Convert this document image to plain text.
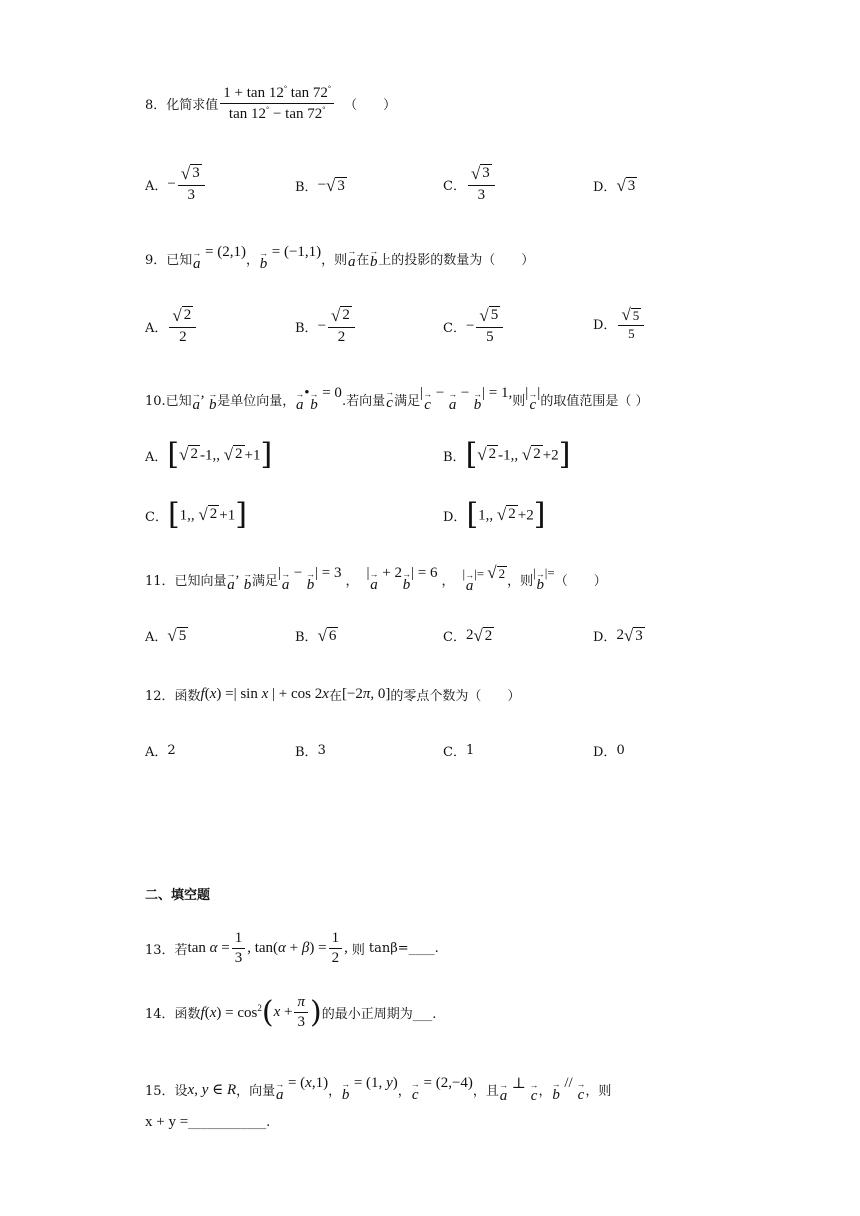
8．化简求值 $\frac{1 + \tan 12^\circ \tan 72^\circ}{\tan 12^\circ - \tan 72^\circ}$ （　　）
A． − $\frac{√ 3}{3}$	B． − √ 3	C． $\frac{√ 3}{3}$	D． √ 3
9．已知 →
a = (2,1) ， →
b = (−1,1) ，则
→
a 在
→
b 上的投影的数量为（　　）
A． $\frac{√ 2}{2}$	B． − $\frac{√ 2}{2}$	C． − $\frac{√ 5}{5}$	D． $\frac{√ 5}{5}$
10.已知 →
a, →
b 是单位向量， →
a• →
b = 0 .若向量
→
c 满足 | →
c − →
a − →
b| = 1, 则 | →
c| 的取值范围是（ ）
A． [ √ 2 -1,, √ 2 +1 ]	B． [ √ 2 -1,, √ 2 +2 ]
C． [ 1,, √ 2 +1 ]	D． [ 1,, √ 2 +2 ]
11．已知向量 →
a, →
b 满足 | →
a − →
b| = 3 ， | →
a + 2 →
b| = 6 ， | →
a|= √ 2
，则
| →
b|=
（　　）
A． √ 5	B． √ 6	C． 2 √ 2	D． 2 √ 3
12．函数 f(x) =| sin x | + cos 2x 在 [−2π, 0] 的零点个数为（　　）
A． 2	B． 3	C． 1	D． 0
二、填空题
13．若 $\tan \alpha = \frac{1}{3}$ , $\tan(\alpha + \beta) = \frac{1}{2}$ , 则 tanβ=____.
14．函数 $f(x) = \cos^2$ ( $x + \frac{\pi}{3}$ ) 的最小正周期为___.
15．设 x, y ∈ R ，向量 →
a = (x,1) ， →
b = (1, y) ， →
c = (2,−4) ，且 →
a ⊥ →
c ， →
b // →
c ，则
x + y = ____________.
